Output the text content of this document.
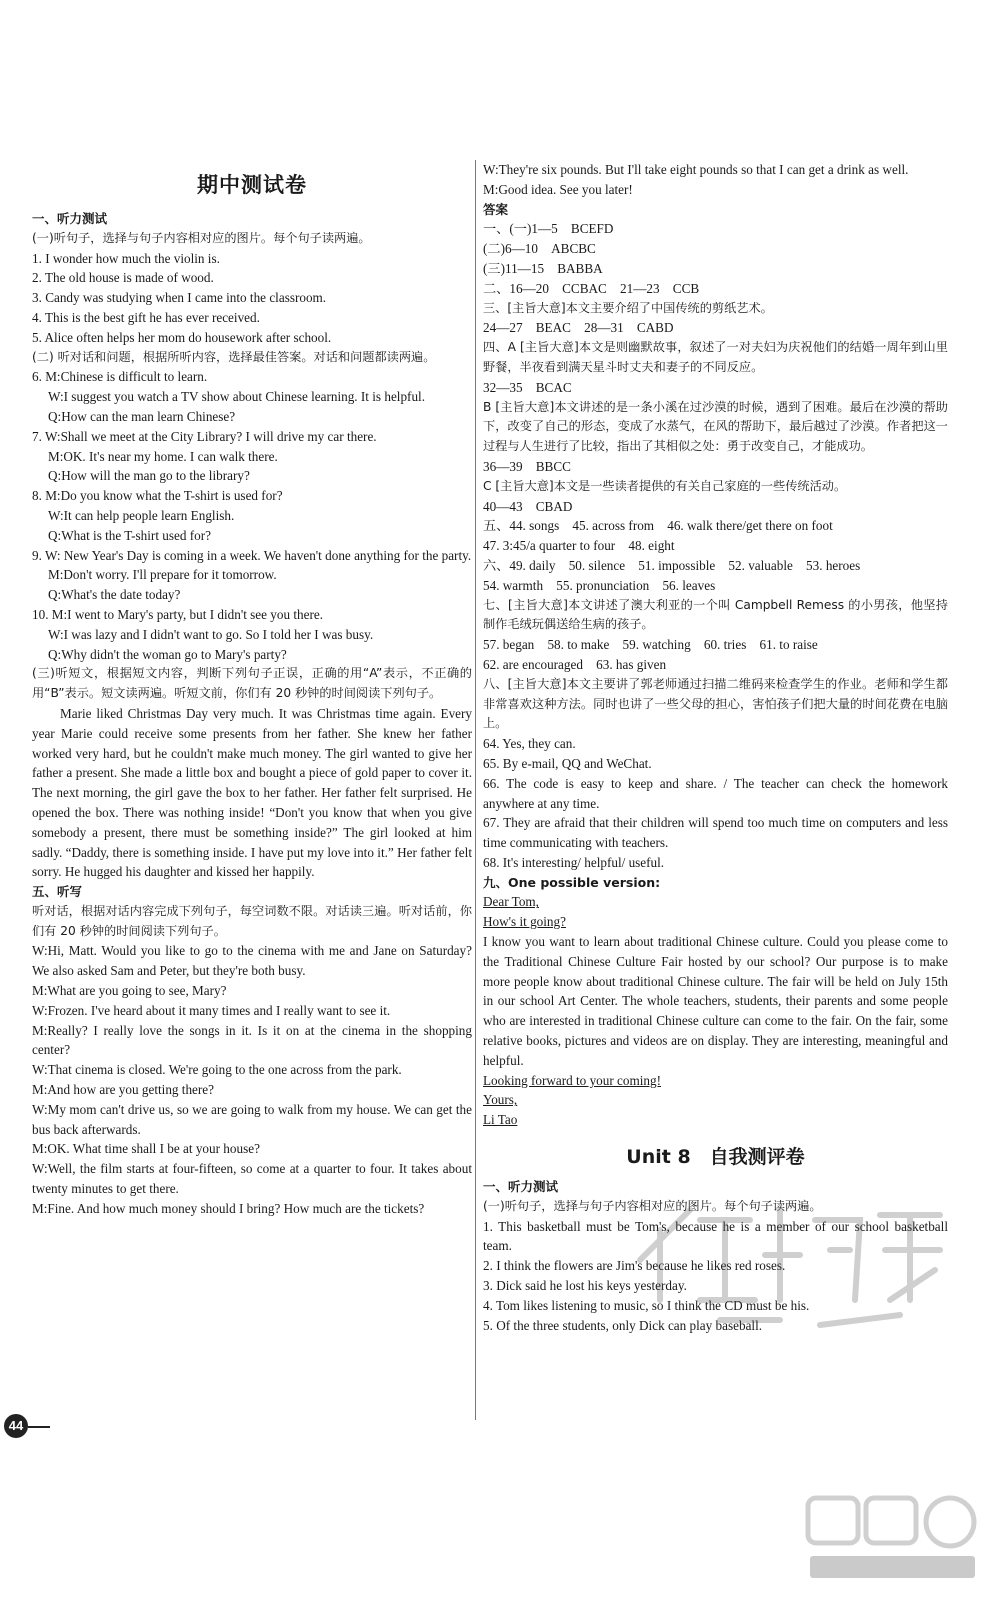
期中测试卷

一、听力测试

(一)听句子，选择与句子内容相对应的图片。每个句子读两遍。

1. I wonder how much the violin is.

2. The old house is made of wood.

3. Candy was studying when I came into the classroom.

4. This is the best gift he has ever received.

5. Alice often helps her mom do housework after school.

(二) 听对话和问题，根据所听内容，选择最佳答案。对话和问题都读两遍。

6. M:Chinese is difficult to learn.

W:I suggest you watch a TV show about Chinese learning. It is helpful.

Q:How can the man learn Chinese?

7. W:Shall we meet at the City Library? I will drive my car there.

M:OK. It's near my home. I can walk there.

Q:How will the man go to the library?

8. M:Do you know what the T-shirt is used for?

W:It can help people learn English.

Q:What is the T-shirt used for?

9. W: New Year's Day is coming in a week. We haven't done anything for the party.

M:Don't worry. I'll prepare for it tomorrow.

Q:What's the date today?

10. M:I went to Mary's party, but I didn't see you there.

W:I was lazy and I didn't want to go. So I told her I was busy.

Q:Why didn't the woman go to Mary's party?

(三)听短文，根据短文内容，判断下列句子正误，正确的用“A”表示，不正确的用“B”表示。短文读两遍。听短文前，你们有 20 秒钟的时间阅读下列句子。

Marie liked Christmas Day very much. It was Christmas time again. Every year Marie could receive some presents from her father. She knew her father worked very hard, but he couldn't make much money. The girl wanted to give her father a present. She made a little box and bought a piece of gold paper to cover it. The next morning, the girl gave the box to her father. Her father felt surprised. He opened the box. There was nothing inside! “Don't you know that when you give somebody a present, there must be something inside?” The girl looked at him sadly. “Daddy, there is something inside. I have put my love into it.” Her father felt sorry. He hugged his daughter and kissed her happily.

五、听写

听对话，根据对话内容完成下列句子，每空词数不限。对话读三遍。听对话前，你们有 20 秒钟的时间阅读下列句子。

W:Hi, Matt. Would you like to go to the cinema with me and Jane on Saturday? We also asked Sam and Peter, but they're both busy.

M:What are you going to see, Mary?

W:Frozen. I've heard about it many times and I really want to see it.

M:Really? I really love the songs in it. Is it on at the cinema in the shopping center?

W:That cinema is closed. We're going to the one across from the park.

M:And how are you getting there?

W:My mom can't drive us, so we are going to walk from my house. We can get the bus back afterwards.

M:OK. What time shall I be at your house?

W:Well, the film starts at four-fifteen, so come at a quarter to four. It takes about twenty minutes to get there.

M:Fine. And how much money should I bring? How much are the tickets?

W:They're six pounds. But I'll take eight pounds so that I can get a drink as well.

M:Good idea. See you later!

答案

一、(一)1—5　BCEFD

(二)6—10　ABCBC

(三)11—15　BABBA

二、16—20　CCBAC　21—23　CCB

三、[主旨大意]本文主要介绍了中国传统的剪纸艺术。

24—27　BEAC　28—31　CABD

四、A [主旨大意]本文是则幽默故事，叙述了一对夫妇为庆祝他们的结婚一周年到山里野餐，半夜看到满天星斗时丈夫和妻子的不同反应。

32—35　BCAC

B [主旨大意]本文讲述的是一条小溪在过沙漠的时候，遇到了困难。最后在沙漠的帮助下，改变了自己的形态，变成了水蒸气，在风的帮助下，最后越过了沙漠。作者把这一过程与人生进行了比较，指出了其相似之处：勇于改变自己，才能成功。

36—39　BBCC

C [主旨大意]本文是一些读者提供的有关自己家庭的一些传统活动。

40—43　CBAD

五、44. songs　45. across from　46. walk there/get there on foot

47. 3:45/a quarter to four　48. eight

六、49. daily　50. silence　51. impossible　52. valuable　53. heroes

54. warmth　55. pronunciation　56. leaves

七、[主旨大意]本文讲述了澳大利亚的一个叫 Campbell Remess 的小男孩，他坚持制作毛绒玩偶送给生病的孩子。

57. began　58. to make　59. watching　60. tries　61. to raise

62. are encouraged　63. has given

八、[主旨大意]本文主要讲了郭老师通过扫描二维码来检查学生的作业。老师和学生都非常喜欢这种方法。同时也讲了一些父母的担心，害怕孩子们把大量的时间花费在电脑上。

64. Yes, they can.

65. By e-mail, QQ and WeChat.

66. The code is easy to keep and share. / The teacher can check the homework anywhere at any time.

67. They are afraid that their children will spend too much time on computers and less time communicating with teachers.

68. It's interesting/ helpful/ useful.

九、One possible version:

Dear Tom,

How's it going?

I know you want to learn about traditional Chinese culture. Could you please come to the Traditional Chinese Culture Fair hosted by our school? Our purpose is to make more people know about traditional Chinese culture. The fair will be held on July 15th in our school Art Center. The whole teachers, students, their parents and some people who are interested in traditional Chinese culture can come to the fair. On the fair, some relative books, pictures and videos are on display. They are interesting, meaningful and helpful.

Looking forward to your coming!

Yours,

Li Tao

Unit 8　自我测评卷

一、听力测试

(一)听句子，选择与句子内容相对应的图片。每个句子读两遍。

1. This basketball must be Tom's, because he is a member of our school basketball team.

2. I think the flowers are Jim's because he likes red roses.

3. Dick said he lost his keys yesterday.

4. Tom likes listening to music, so I think the CD must be his.

5. Of the three students, only Dick can play baseball.

44
